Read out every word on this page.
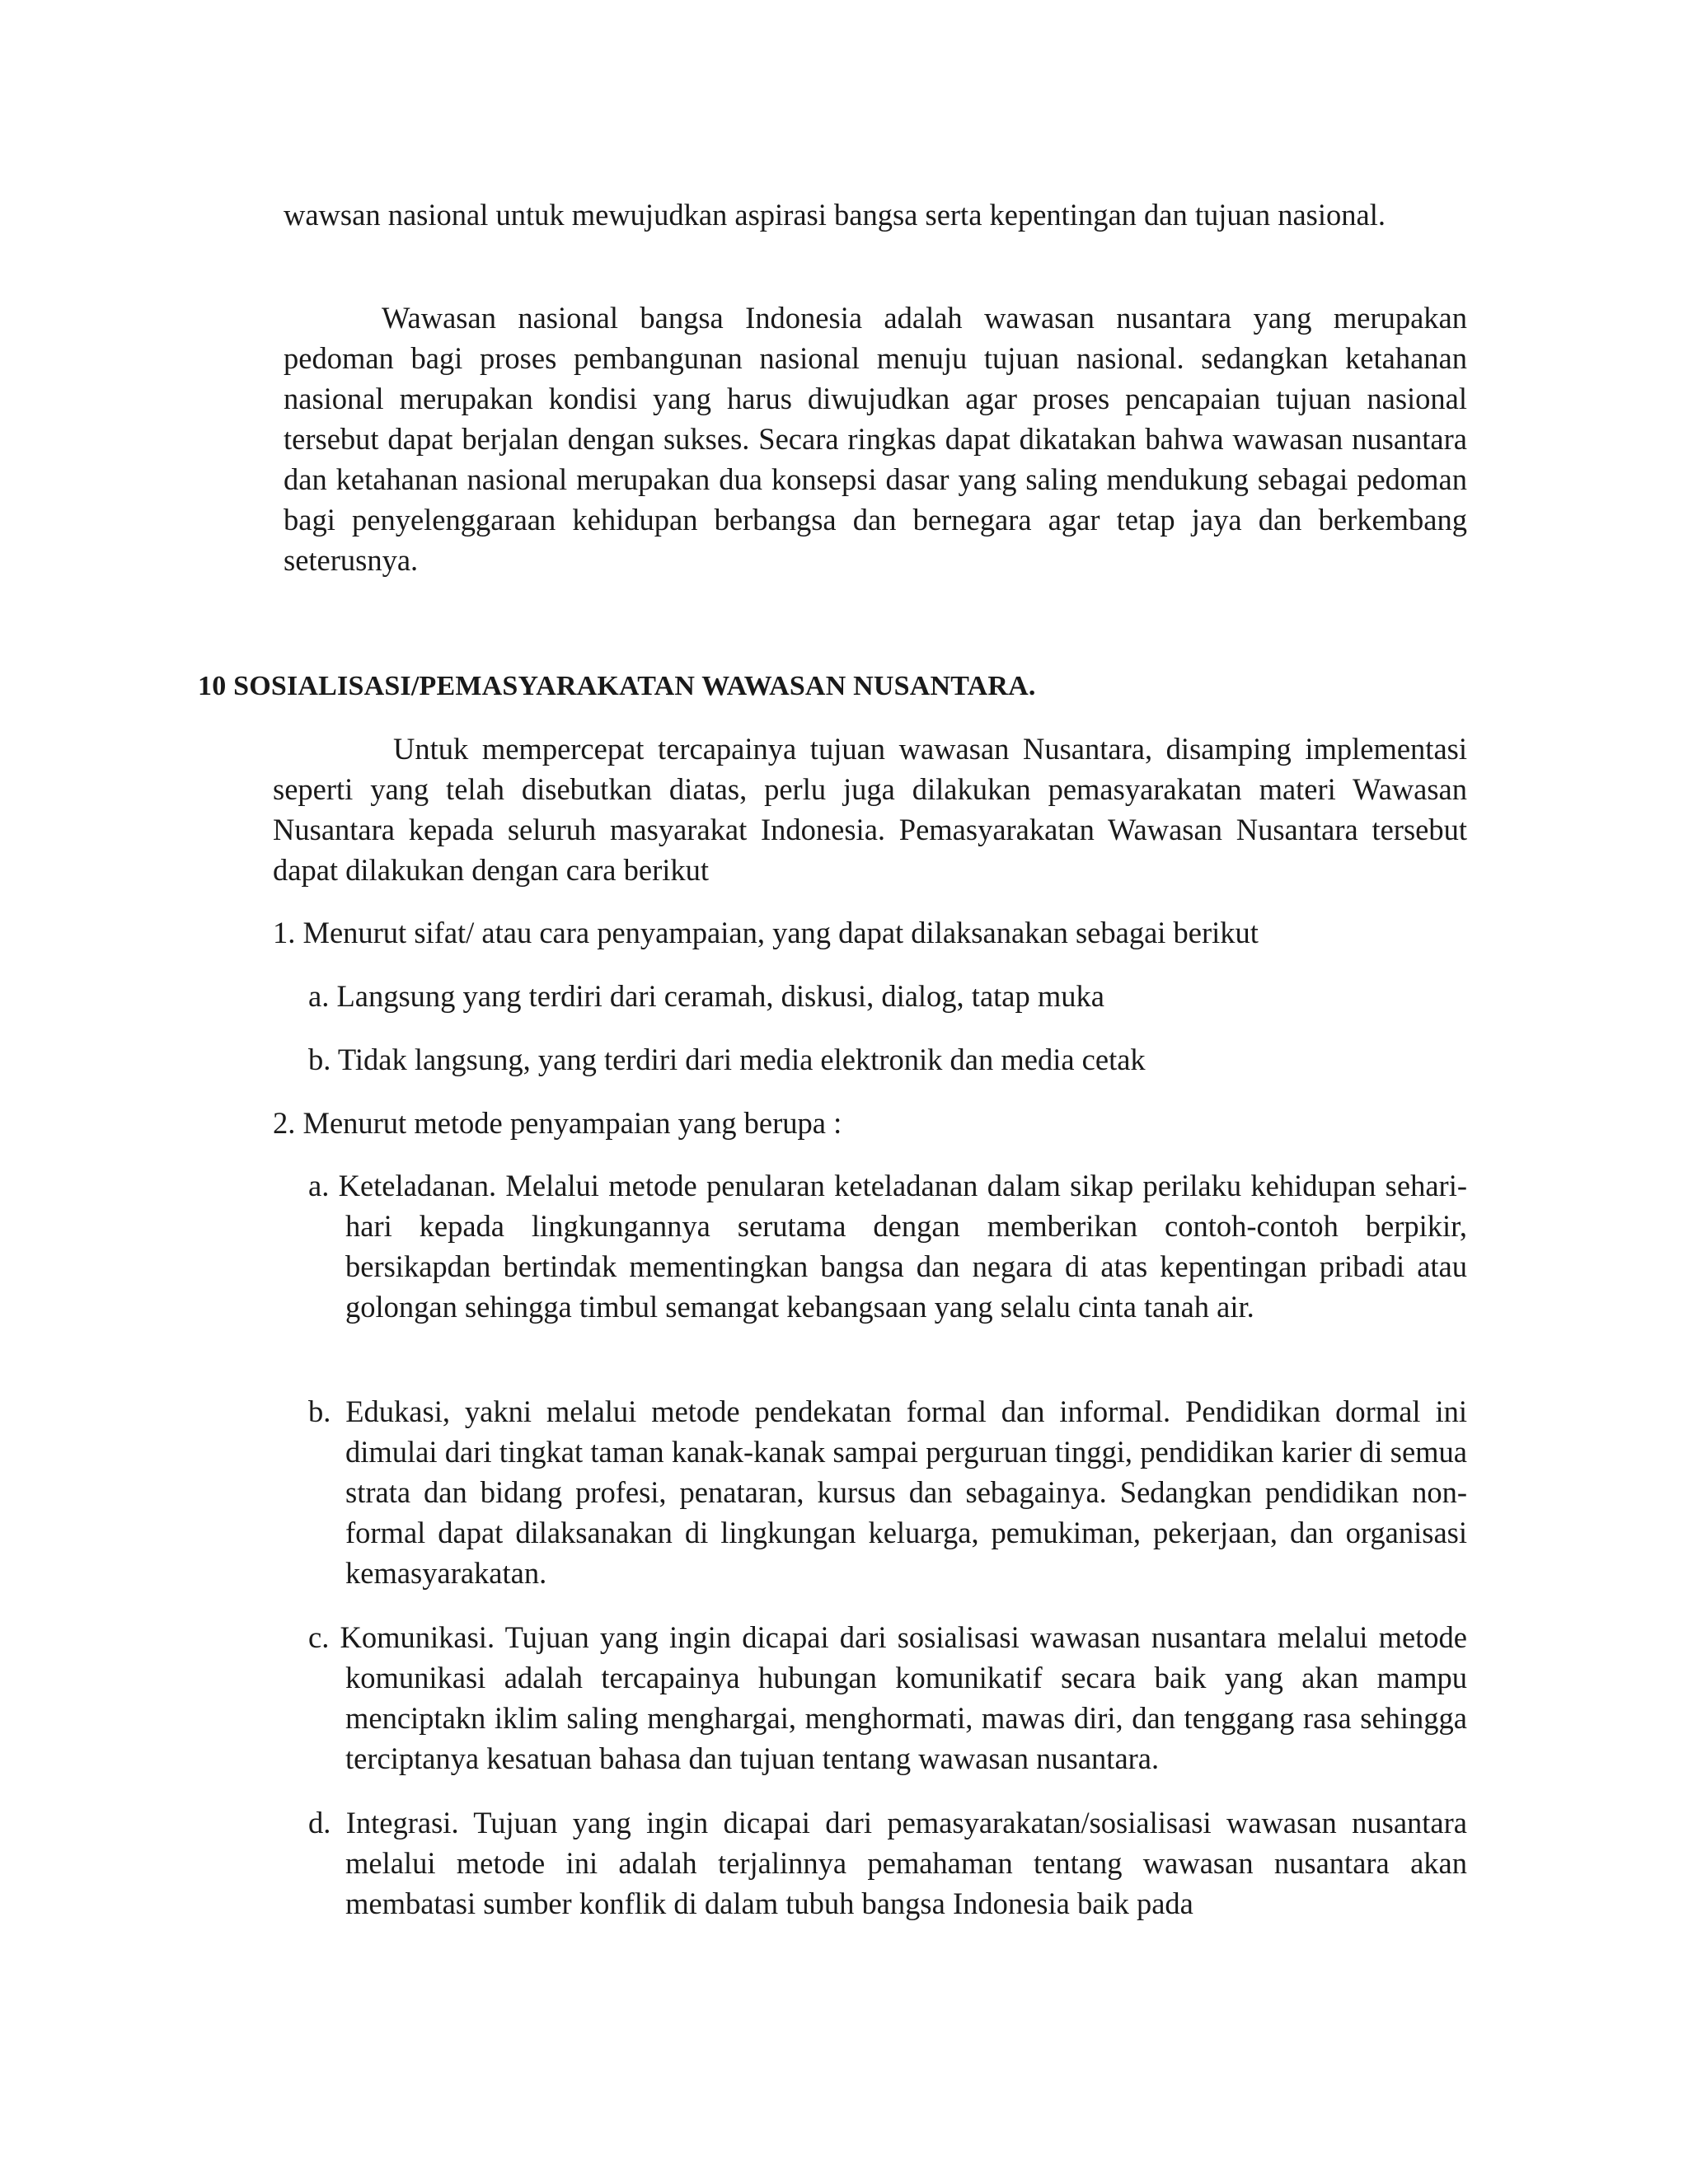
wawsan nasional untuk mewujudkan aspirasi bangsa serta kepentingan dan tujuan nasional.

Wawasan nasional bangsa Indonesia adalah wawasan nusantara yang merupakan pedoman bagi proses pembangunan nasional menuju tujuan nasional. sedangkan ketahanan nasional merupakan kondisi yang harus diwujudkan agar proses pencapaian tujuan nasional tersebut dapat berjalan dengan sukses. Secara ringkas dapat dikatakan bahwa wawasan nusantara dan ketahanan nasional merupakan dua konsepsi dasar yang saling mendukung sebagai pedoman bagi penyelenggaraan kehidupan berbangsa dan bernegara agar tetap jaya dan berkembang seterusnya.

10 SOSIALISASI/PEMASYARAKATAN WAWASAN NUSANTARA.

Untuk mempercepat tercapainya tujuan wawasan Nusantara, disamping implementasi seperti yang telah disebutkan diatas, perlu juga dilakukan pemasyarakatan materi Wawasan Nusantara kepada seluruh masyarakat Indonesia. Pemasyarakatan Wawasan Nusantara tersebut dapat dilakukan dengan cara berikut

1. Menurut sifat/ atau cara penyampaian, yang dapat dilaksanakan sebagai berikut

a. Langsung yang terdiri dari ceramah, diskusi, dialog, tatap muka

b. Tidak langsung, yang terdiri dari media elektronik dan media cetak

2. Menurut metode penyampaian yang berupa :

a. Keteladanan. Melalui metode penularan keteladanan dalam sikap perilaku kehidupan sehari-hari kepada lingkungannya serutama dengan memberikan contoh-contoh berpikir, bersikapdan bertindak mementingkan bangsa dan negara di atas kepentingan pribadi atau golongan sehingga timbul semangat kebangsaan yang selalu cinta tanah air.

b. Edukasi, yakni melalui metode pendekatan formal dan informal. Pendidikan dormal ini dimulai dari tingkat taman kanak-kanak sampai perguruan tinggi, pendidikan karier di semua strata dan bidang profesi, penataran, kursus dan sebagainya. Sedangkan pendidikan non-formal dapat dilaksanakan di lingkungan keluarga, pemukiman, pekerjaan, dan organisasi kemasyarakatan.

c. Komunikasi. Tujuan yang ingin dicapai dari sosialisasi wawasan nusantara melalui metode komunikasi adalah tercapainya hubungan komunikatif secara baik yang akan mampu menciptakn iklim saling menghargai, menghormati, mawas diri, dan tenggang rasa sehingga terciptanya kesatuan bahasa dan tujuan tentang wawasan nusantara.

d. Integrasi. Tujuan yang ingin dicapai dari pemasyarakatan/sosialisasi wawasan nusantara melalui metode ini adalah terjalinnya pemahaman tentang wawasan nusantara akan membatasi sumber konflik di dalam tubuh bangsa Indonesia baik pada
